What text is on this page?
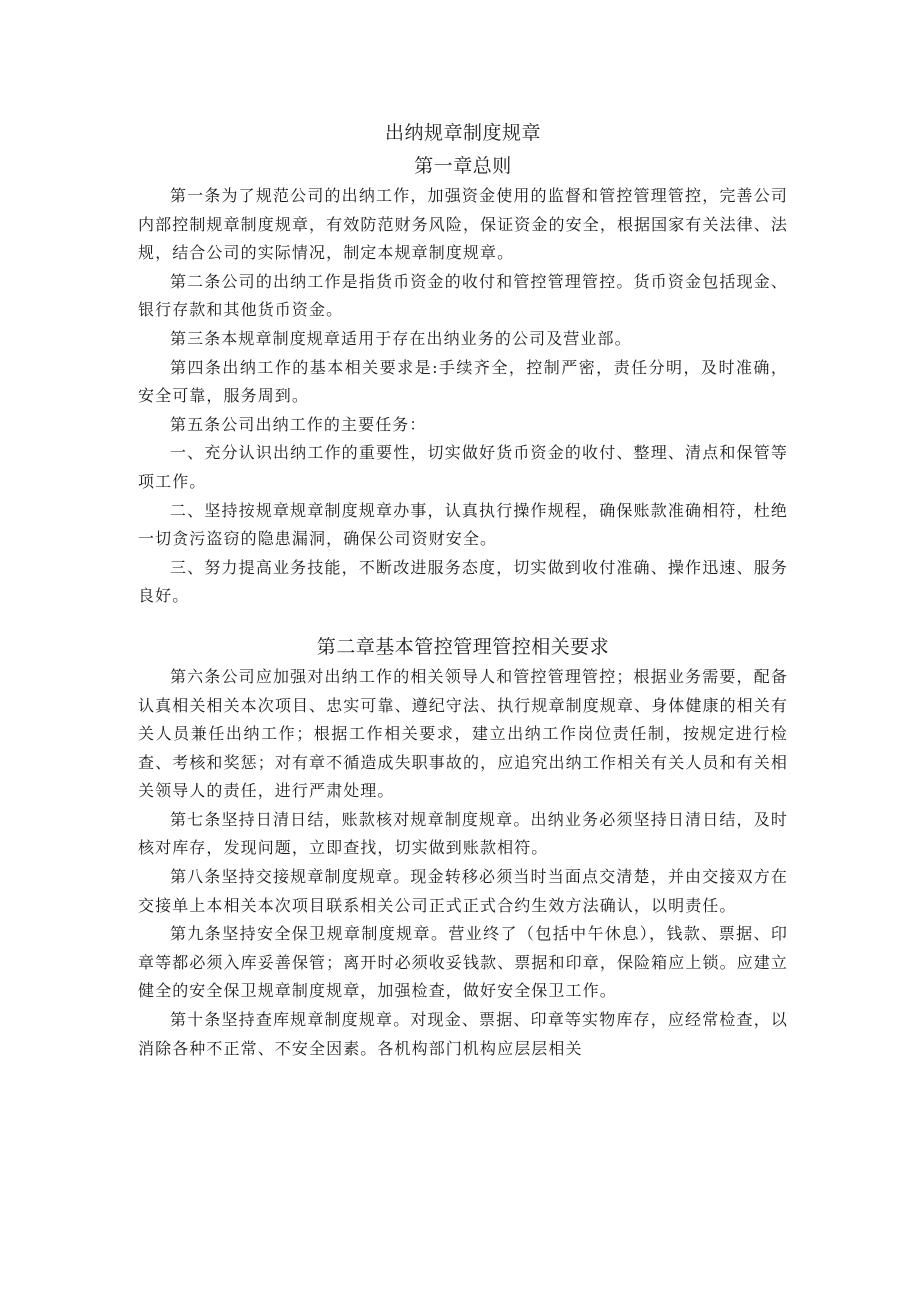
出纳规章制度规章
第一章总则

第一条为了规范公司的出纳工作，加强资金使用的监督和管控管理管控，完善公司内部控制规章制度规章，有效防范财务风险，保证资金的安全，根据国家有关法律、法规，结合公司的实际情况，制定本规章制度规章。

第二条公司的出纳工作是指货币资金的收付和管控管理管控。货币资金包括现金、银行存款和其他货币资金。

第三条本规章制度规章适用于存在出纳业务的公司及营业部。

第四条出纳工作的基本相关要求是:手续齐全，控制严密，责任分明，及时准确，安全可靠，服务周到。

第五条公司出纳工作的主要任务：

一、充分认识出纳工作的重要性，切实做好货币资金的收付、整理、清点和保管等项工作。

二、坚持按规章规章制度规章办事，认真执行操作规程，确保账款准确相符，杜绝一切贪污盗窃的隐患漏洞，确保公司资财安全。

三、努力提高业务技能，不断改进服务态度，切实做到收付准确、操作迅速、服务良好。

第二章基本管控管理管控相关要求

第六条公司应加强对出纳工作的相关领导人和管控管理管控；根据业务需要，配备认真相关相关本次项目、忠实可靠、遵纪守法、执行规章制度规章、身体健康的相关有关人员兼任出纳工作；根据工作相关要求，建立出纳工作岗位责任制，按规定进行检查、考核和奖惩；对有章不循造成失职事故的，应追究出纳工作相关有关人员和有关相关领导人的责任，进行严肃处理。

第七条坚持日清日结，账款核对规章制度规章。出纳业务必须坚持日清日结，及时核对库存，发现问题，立即查找，切实做到账款相符。

第八条坚持交接规章制度规章。现金转移必须当时当面点交清楚，并由交接双方在交接单上本相关本次项目联系相关公司正式正式合约生效方法确认，以明责任。

第九条坚持安全保卫规章制度规章。营业终了（包括中午休息），钱款、票据、印章等都必须入库妥善保管；离开时必须收妥钱款、票据和印章，保险箱应上锁。应建立健全的安全保卫规章制度规章，加强检查，做好安全保卫工作。

第十条坚持查库规章制度规章。对现金、票据、印章等实物库存，应经常检查，以消除各种不正常、不安全因素。各机构部门机构应层层相关
